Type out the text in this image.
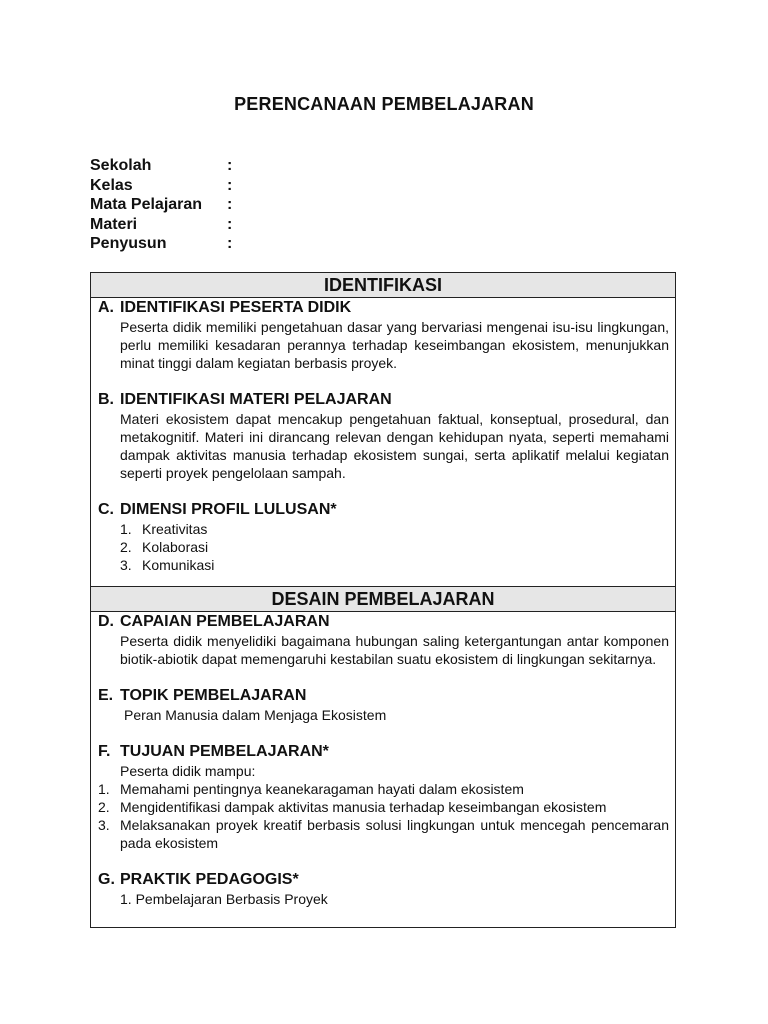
PERENCANAAN PEMBELAJARAN
Sekolah	:
Kelas	:
Mata Pelajaran	:
Materi	:
Penyusun	:
IDENTIFIKASI
A. IDENTIFIKASI PESERTA DIDIK
Peserta didik memiliki pengetahuan dasar yang bervariasi mengenai isu-isu lingkungan, perlu memiliki kesadaran perannya terhadap keseimbangan ekosistem, menunjukkan minat tinggi dalam kegiatan berbasis proyek.
B. IDENTIFIKASI MATERI PELAJARAN
Materi ekosistem dapat mencakup pengetahuan faktual, konseptual, prosedural, dan metakognitif. Materi ini dirancang relevan dengan kehidupan nyata, seperti memahami dampak aktivitas manusia terhadap ekosistem sungai, serta aplikatif melalui kegiatan seperti proyek pengelolaan sampah.
C. DIMENSI PROFIL LULUSAN*
1. Kreativitas
2. Kolaborasi
3. Komunikasi
DESAIN PEMBELAJARAN
D. CAPAIAN PEMBELAJARAN
Peserta didik menyelidiki bagaimana hubungan saling ketergantungan antar komponen biotik-abiotik dapat memengaruhi kestabilan suatu ekosistem di lingkungan sekitarnya.
E. TOPIK PEMBELAJARAN
Peran Manusia dalam Menjaga Ekosistem
F. TUJUAN PEMBELAJARAN*
Peserta didik mampu:
1. Memahami pentingnya keanekaragaman hayati dalam ekosistem
2. Mengidentifikasi dampak aktivitas manusia terhadap keseimbangan ekosistem
3. Melaksanakan proyek kreatif berbasis solusi lingkungan untuk mencegah pencemaran pada ekosistem
G. PRAKTIK PEDAGOGIS*
1. Pembelajaran Berbasis Proyek
